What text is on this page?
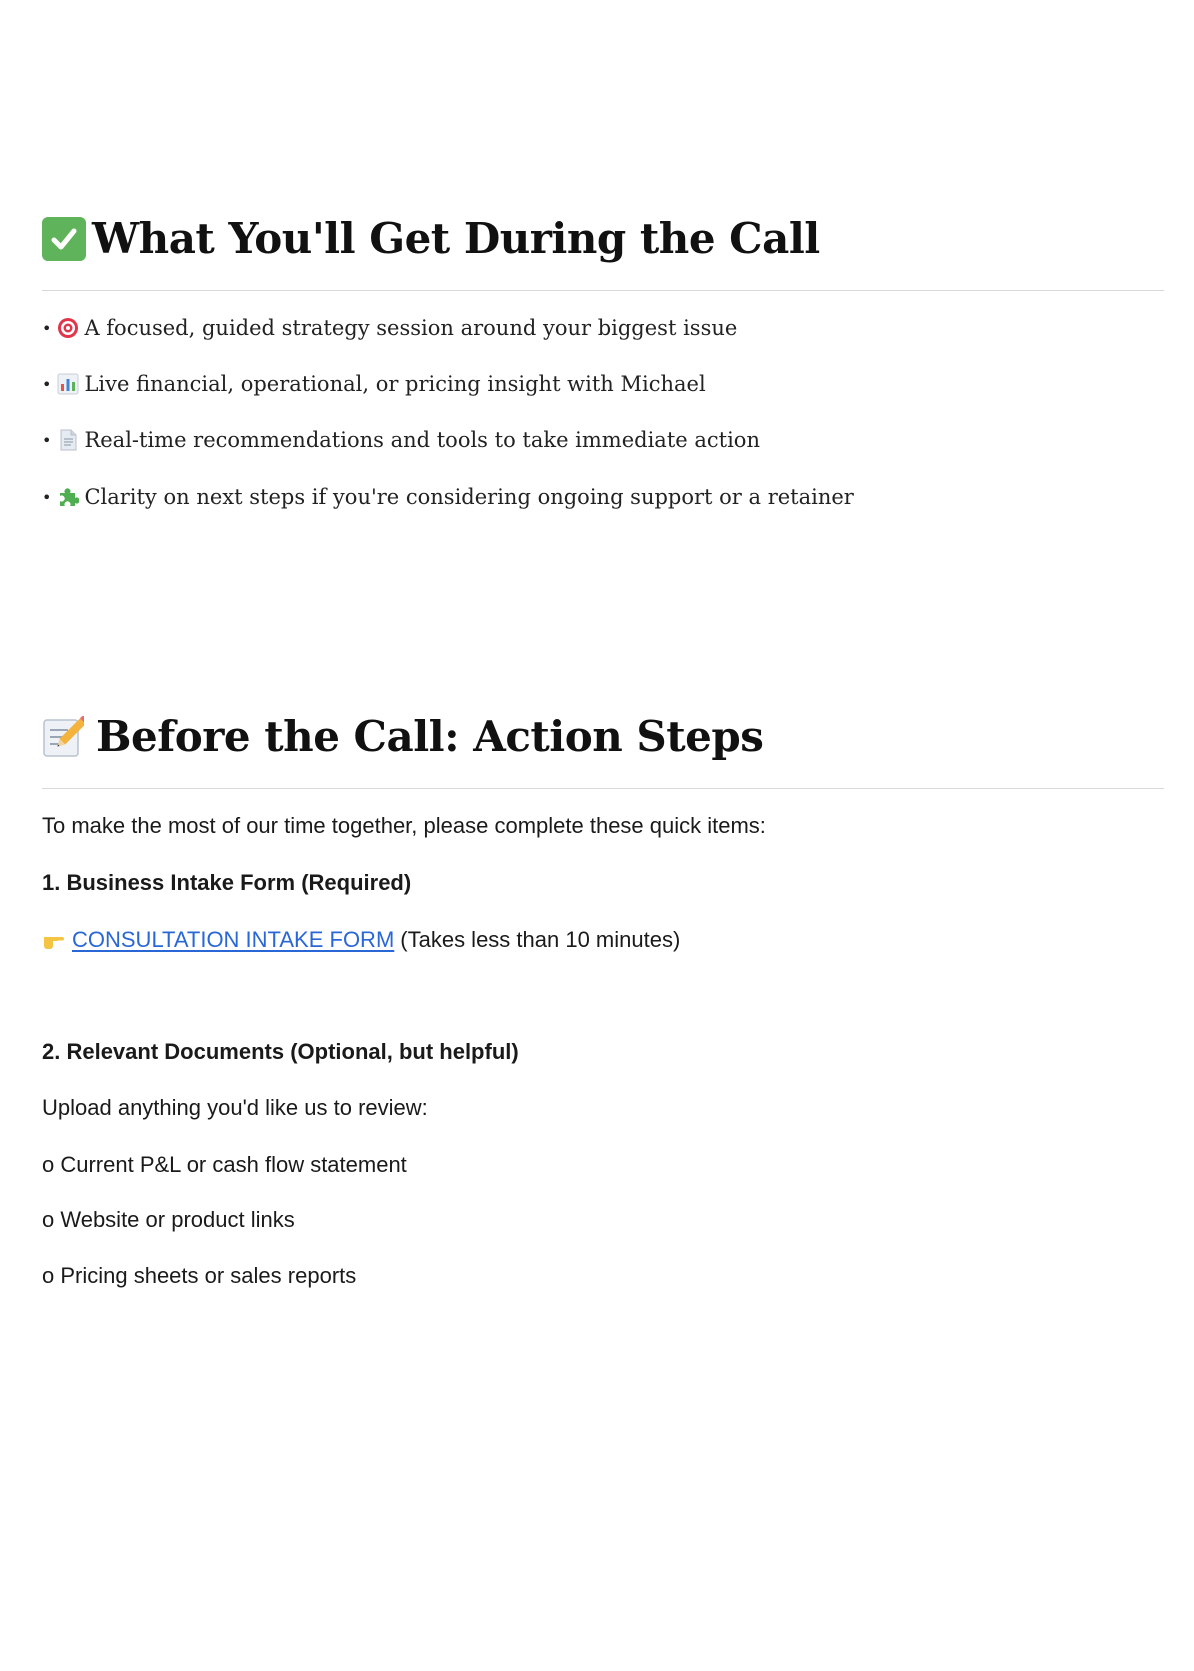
What You'll Get During the Call
• A focused, guided strategy session around your biggest issue
• Live financial, operational, or pricing insight with Michael
• Real-time recommendations and tools to take immediate action
• Clarity on next steps if you're considering ongoing support or a retainer
Before the Call: Action Steps
To make the most of our time together, please complete these quick items:
1. Business Intake Form (Required)
CONSULTATION INTAKE FORM (Takes less than 10 minutes)
2. Relevant Documents (Optional, but helpful)
Upload anything you'd like us to review:
o Current P&L or cash flow statement
o Website or product links
o Pricing sheets or sales reports
